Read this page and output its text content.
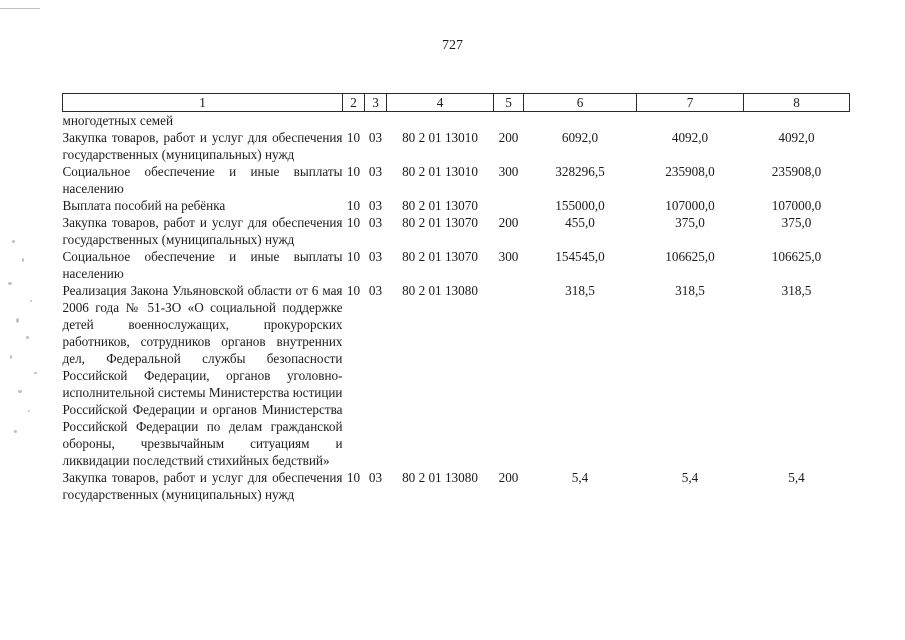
727
1	2	3	4	5	6	7	8
многодетных семей							
Закупка товаров, работ и услуг для обеспечения государственных (муниципальных) нужд	10	03	80 2 01 13010	200	6092,0	4092,0	4092,0
Социальное обеспечение и иные выплаты населению	10	03	80 2 01 13010	300	328296,5	235908,0	235908,0
Выплата пособий на ребёнка	10	03	80 2 01 13070		155000,0	107000,0	107000,0
Закупка товаров, работ и услуг для обеспечения государственных (муниципальных) нужд	10	03	80 2 01 13070	200	455,0	375,0	375,0
Социальное обеспечение и иные выплаты населению	10	03	80 2 01 13070	300	154545,0	106625,0	106625,0
Реализация Закона Ульяновской области от 6 мая 2006 года № 51-ЗО «О социальной поддержке детей военнослужащих, прокурорских работников, сотрудников органов внутренних дел, Федеральной службы безопасности Российской Федерации, органов уголовно-исполнительной системы Министерства юстиции Российской Федерации и органов Министерства Российской Федерации по делам гражданской обороны, чрезвычайным ситуациям и ликвидации последствий стихийных бедствий»	10	03	80 2 01 13080		318,5	318,5	318,5
Закупка товаров, работ и услуг для обеспечения государственных (муниципальных) нужд	10	03	80 2 01 13080	200	5,4	5,4	5,4
